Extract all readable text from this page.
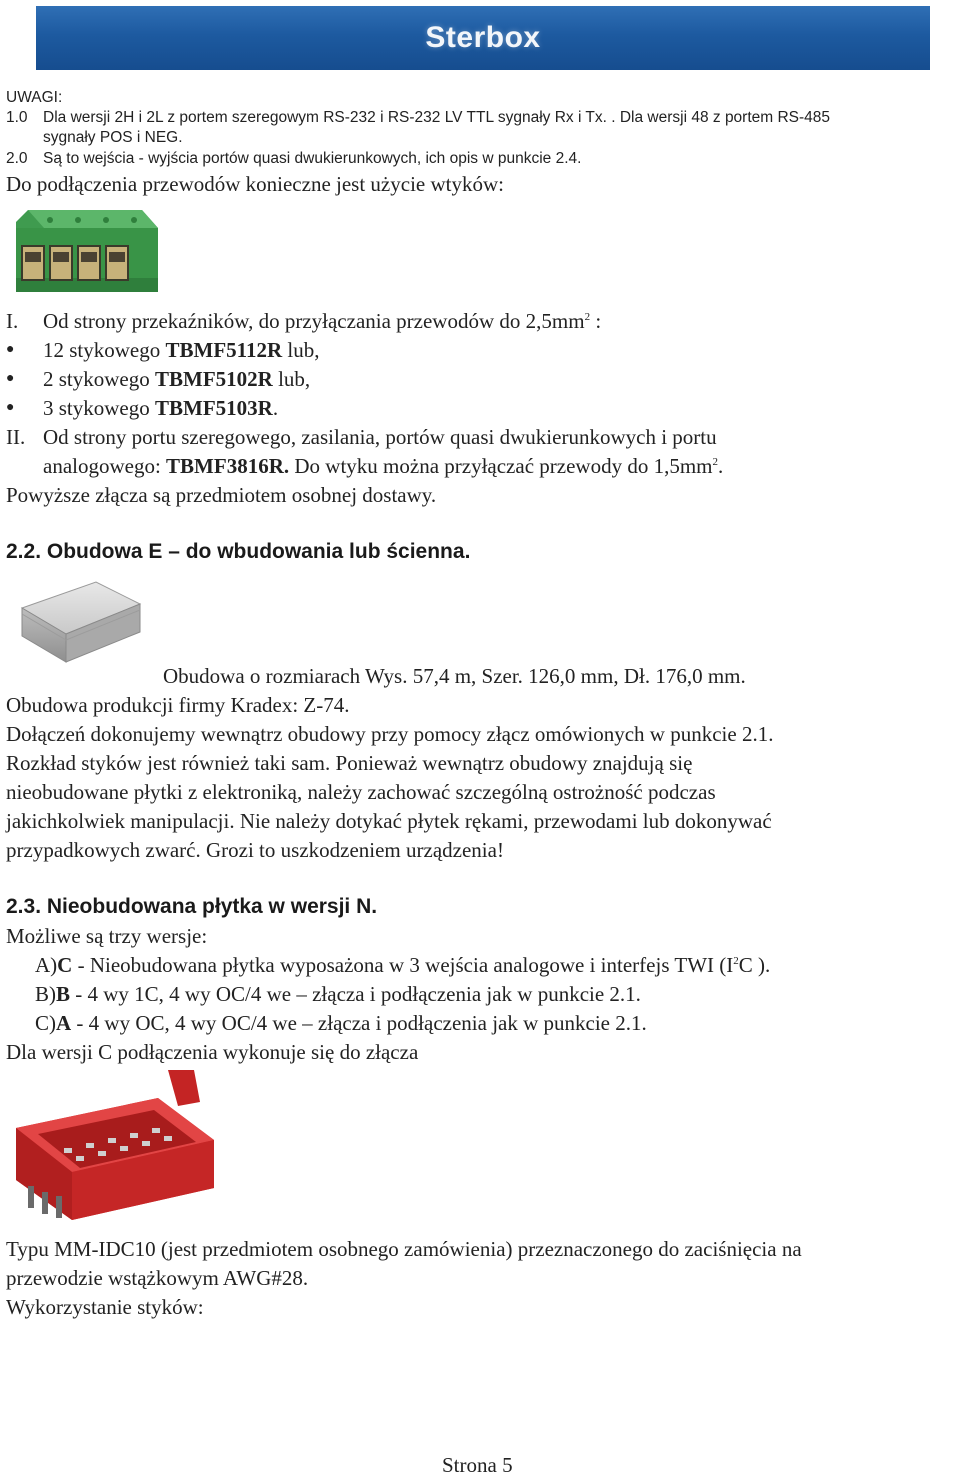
Sterbox
UWAGI:
1.0 Dla wersji 2H i 2L z portem szeregowym RS-232 i RS-232 LV TTL sygnały Rx i Tx. . Dla wersji 48 z portem RS-485
sygnały POS i NEG.
2.0 Są to wejścia - wyjścia portów quasi dwukierunkowych, ich opis w punkcie 2.4.
Do podłączenia przewodów konieczne jest użycie wtyków:
I. Od strony przekaźników, do przyłączania przewodów do $2,5mm^2$ :
● 12 stykowego TBMF5112R lub,
● 2 stykowego TBMF5102R lub,
● 3 stykowego TBMF5103R.
II. Od strony portu szeregowego, zasilania, portów quasi dwukierunkowych i portu
analogowego: TBMF3816R. Do wtyku można przyłączać przewody do $1,5mm^2$.
Powyższe złącza są przedmiotem osobnej dostawy.
2.2. Obudowa E – do wbudowania lub ścienna.
Obudowa o rozmiarach Wys. 57,4 m, Szer. 126,0 mm, Dł. 176,0 mm.
Obudowa produkcji firmy Kradex: Z-74.
Dołączeń dokonujemy wewnątrz obudowy przy pomocy złącz omówionych w punkcie 2.1.
Rozkład styków jest również taki sam. Ponieważ wewnątrz obudowy znajdują się
nieobudowane płytki z elektroniką, należy zachować szczególną ostrożność podczas
jakichkolwiek manipulacji. Nie należy dotykać płytek rękami, przewodami lub dokonywać
przypadkowych zwarć. Grozi to uszkodzeniem urządzenia!
2.3. Nieobudowana płytka w wersji N.
Możliwe są trzy wersje:
A)C - Nieobudowana płytka wyposażona w 3 wejścia analogowe i interfejs TWI ($I^2C$ ).
B)B - 4 wy 1C, 4 wy OC/4 we – złącza i podłączenia jak w punkcie 2.1.
C)A - 4 wy OC, 4 wy OC/4 we – złącza i podłączenia jak w punkcie 2.1.
Dla wersji C podłączenia wykonuje się do złącza
Typu MM-IDC10 (jest przedmiotem osobnego zamówienia) przeznaczonego do zaciśnięcia na
przewodzie wstążkowym AWG#28.
Wykorzystanie styków:
Strona 5
